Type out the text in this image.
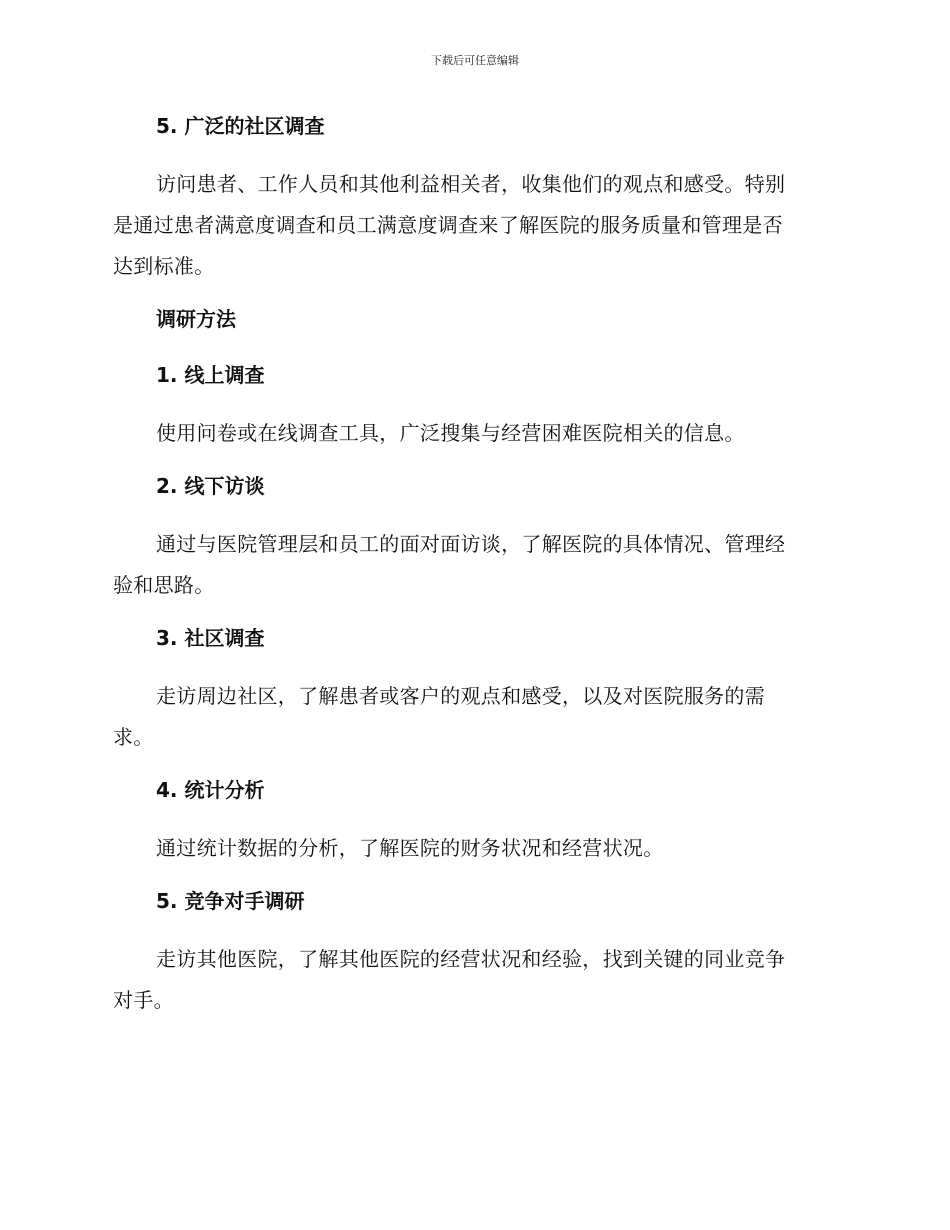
下载后可任意编辑
5. 广泛的社区调查
访问患者、工作人员和其他利益相关者，收集他们的观点和感受。特别
是通过患者满意度调查和员工满意度调查来了解医院的服务质量和管理是否
达到标准。
调研方法
1. 线上调查
使用问卷或在线调查工具，广泛搜集与经营困难医院相关的信息。
2. 线下访谈
通过与医院管理层和员工的面对面访谈，了解医院的具体情况、管理经
验和思路。
3. 社区调查
走访周边社区，了解患者或客户的观点和感受，以及对医院服务的需
求。
4. 统计分析
通过统计数据的分析，了解医院的财务状况和经营状况。
5. 竞争对手调研
走访其他医院，了解其他医院的经营状况和经验，找到关键的同业竞争
对手。
